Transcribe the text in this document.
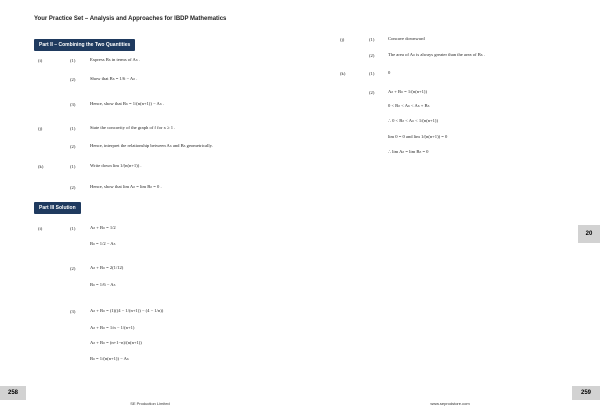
Your Practice Set – Analysis and Approaches for IBDP Mathematics
Part II – Combining the Two Quantities
(i)	(1)	Express Bₙ in terms of Aₙ .
(2)	Show that Bₙ = 1/6 − Aₙ .
(3)	Hence, show that Bₙ = 1/(n(n+1)) − Aₙ .
(j)	(1)	State the concavity of the graph of f for x ≥ 1 .
(2)	Hence, interpret the relationship between Aₙ and Bₙ geometrically.
(k)	(1)	Write down lim 1/(n(n+1)) .
(2)	Hence, show that lim Aₙ = lim Bₙ = 0 .
Part III Solution
(i)	(1)	Aₙ + Bₙ = 1/2
Bₙ = 1/2 − Aₙ
(2)	Aₙ + Bₙ = 2(1/12)
Bₙ = 1/6 − Aₙ
(3)	Aₙ + Bₙ = (1)((4 − 1/(n+1)) − (4 − 1/n))
Aₙ + Bₙ = 1/n − 1/(n+1)
Aₙ + Bₙ = (n+1−n)/(n(n+1))
Bₙ = 1/(n(n+1)) − Aₙ
258
SE Production Limited
(j)	(1)	Concave downward
(2)	The area of Aₙ is always greater than the area of Bₙ .
(k)	(1)	0
(2)	Aₙ + Bₙ = 1/(n(n+1))
0 < Bₙ < Aₙ < Aₙ + Bₙ
∴ 0 < Bₙ < Aₙ < 1/(n(n+1))
lim 0 = 0 and lim 1/(n(n+1)) = 0
∴ lim Aₙ = lim Bₙ = 0
20
259
www.seprodstore.com
